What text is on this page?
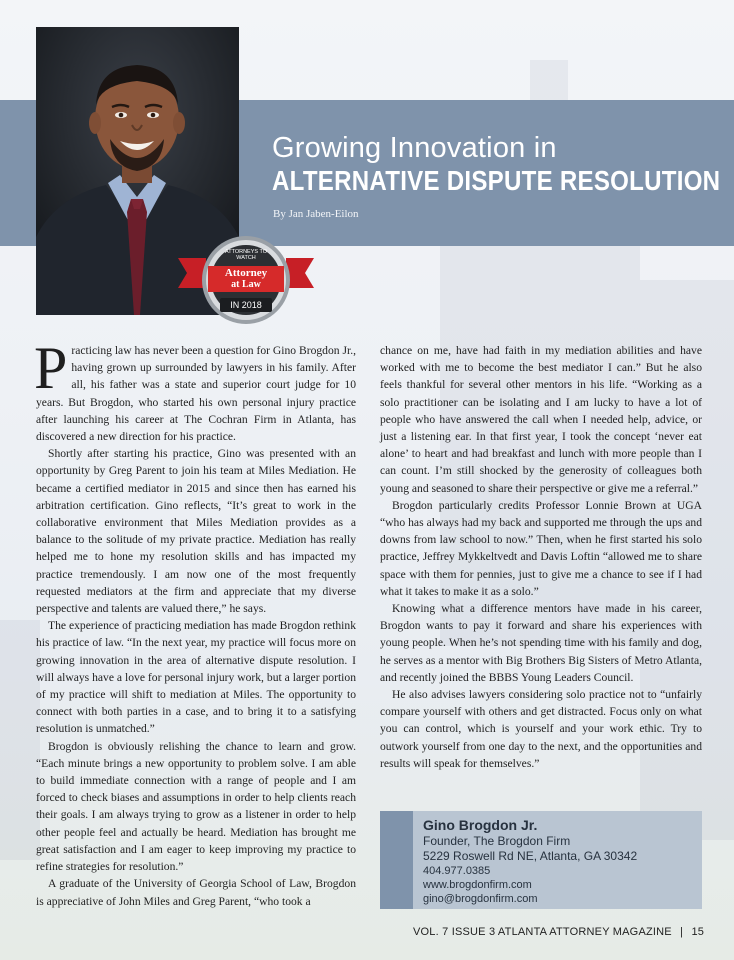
Growing Innovation in
ALTERNATIVE DISPUTE RESOLUTION
By Jan Jaben-Eilon
ATTORNEYS TO WATCH
Attorney
at Law
IN 2018

Practicing law has never been a question for Gino Brogdon Jr., having grown up surrounded by lawyers in his family. After all, his father was a state and superior court judge for 10 years. But Brogdon, who started his own personal injury practice after launching his career at The Cochran Firm in Atlanta, has discovered a new direction for his practice.

Shortly after starting his practice, Gino was presented with an opportunity by Greg Parent to join his team at Miles Mediation. He became a certified mediator in 2015 and since then has earned his arbitration certification. Gino reflects, “It’s great to work in the collaborative environment that Miles Mediation provides as a balance to the solitude of my private practice. Mediation has really helped me to hone my resolution skills and has impacted my practice tremendously. I am now one of the most frequently requested mediators at the firm and appreciate that my diverse perspective and talents are valued there,” he says.

The experience of practicing mediation has made Brogdon rethink his practice of law. “In the next year, my practice will focus more on growing innovation in the area of alternative dispute resolution. I will always have a love for personal injury work, but a larger portion of my practice will shift to mediation at Miles. The opportunity to connect with both parties in a case, and to bring it to a satisfying resolution is unmatched.”

Brogdon is obviously relishing the chance to learn and grow. “Each minute brings a new opportunity to problem solve. I am able to build immediate connection with a range of people and I am forced to check biases and assumptions in order to help clients reach their goals. I am always trying to grow as a listener in order to help other people feel and actually be heard. Mediation has brought me great satisfaction and I am eager to keep improving my practice to refine strategies for resolution.”

A graduate of the University of Georgia School of Law, Brogdon is appreciative of John Miles and Greg Parent, “who took a

chance on me, have had faith in my mediation abilities and have worked with me to become the best mediator I can.” But he also feels thankful for several other mentors in his life. “Working as a solo practitioner can be isolating and I am lucky to have a lot of people who have answered the call when I needed help, advice, or just a listening ear. In that first year, I took the concept ‘never eat alone’ to heart and had breakfast and lunch with more people than I can count. I’m still shocked by the generosity of colleagues both young and seasoned to share their perspective or give me a referral.”

Brogdon particularly credits Professor Lonnie Brown at UGA “who has always had my back and supported me through the ups and downs from law school to now.” Then, when he first started his solo practice, Jeffrey Mykkeltvedt and Davis Loftin “allowed me to share space with them for pennies, just to give me a chance to see if I had what it takes to make it as a solo.”

Knowing what a difference mentors have made in his career, Brogdon wants to pay it forward and share his experiences with young people. When he’s not spending time with his family and dog, he serves as a mentor with Big Brothers Big Sisters of Metro Atlanta, and recently joined the BBBS Young Leaders Council.

He also advises lawyers considering solo practice not to “unfairly compare yourself with others and get distracted. Focus only on what you can control, which is yourself and your work ethic. Try to outwork yourself from one day to the next, and the opportunities and results will speak for themselves.”

Gino Brogdon Jr.
Founder, The Brogdon Firm
5229 Roswell Rd NE, Atlanta, GA 30342
404.977.0385
www.brogdonfirm.com
gino@brogdonfirm.com
VOL. 7 ISSUE 3 ATLANTA ATTORNEY MAGAZINE | 15
